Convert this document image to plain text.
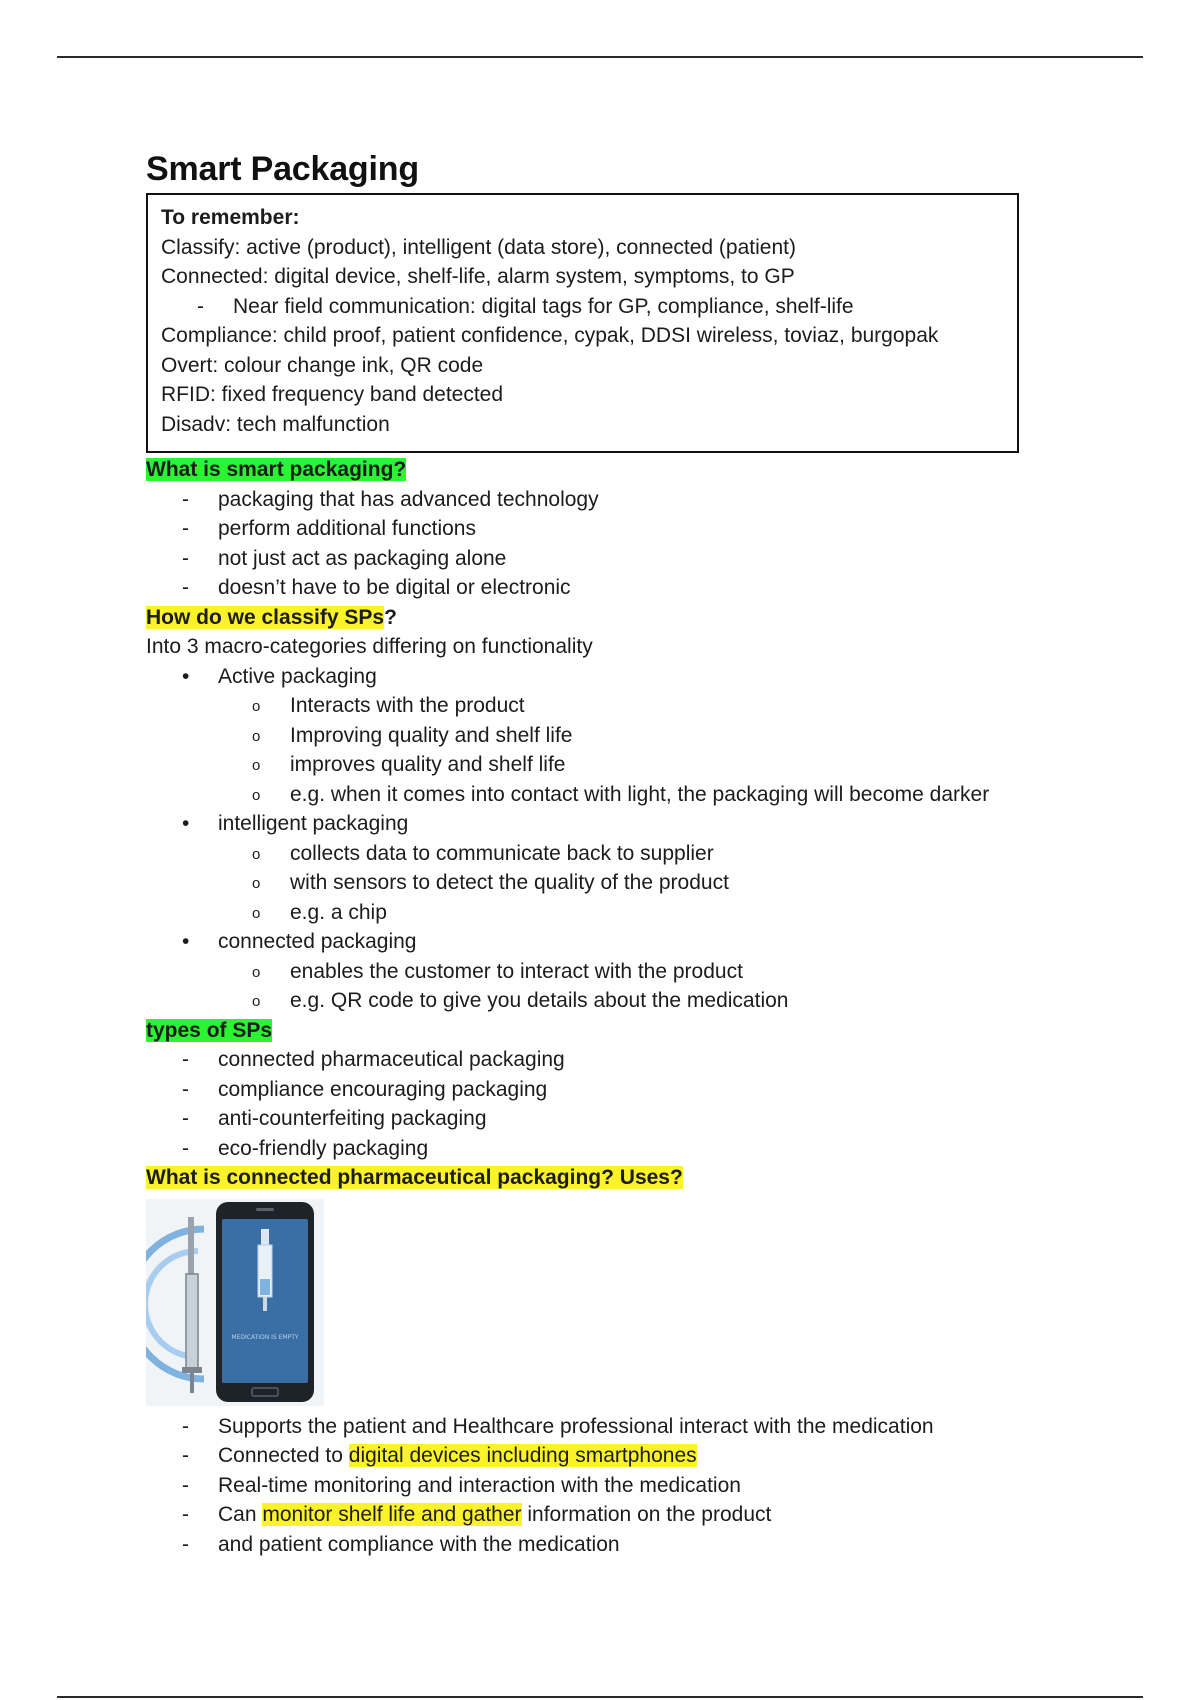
Smart Packaging
To remember:
Classify: active (product), intelligent (data store), connected (patient)
Connected: digital device, shelf-life, alarm system, symptoms, to GP
- Near field communication: digital tags for GP, compliance, shelf-life
Compliance: child proof, patient confidence, cypak, DDSI wireless, toviaz, burgopak
Overt: colour change ink, QR code
RFID: fixed frequency band detected
Disadv: tech malfunction
What is smart packaging?
- packaging that has advanced technology
- perform additional functions
- not just act as packaging alone
- doesn’t have to be digital or electronic
How do we classify SPs?
Into 3 macro-categories differing on functionality
• Active packaging
o Interacts with the product
o Improving quality and shelf life
o improves quality and shelf life
o e.g. when it comes into contact with light, the packaging will become darker
• intelligent packaging
o collects data to communicate back to supplier
o with sensors to detect the quality of the product
o e.g. a chip
• connected packaging
o enables the customer to interact with the product
o e.g. QR code to give you details about the medication
types of SPs
- connected pharmaceutical packaging
- compliance encouraging packaging
- anti-counterfeiting packaging
- eco-friendly packaging
What is connected pharmaceutical packaging? Uses?
MEDICATION IS EMPTY
- Supports the patient and Healthcare professional interact with the medication
- Connected to digital devices including smartphones
- Real-time monitoring and interaction with the medication
- Can monitor shelf life and gather information on the product
- and patient compliance with the medication
